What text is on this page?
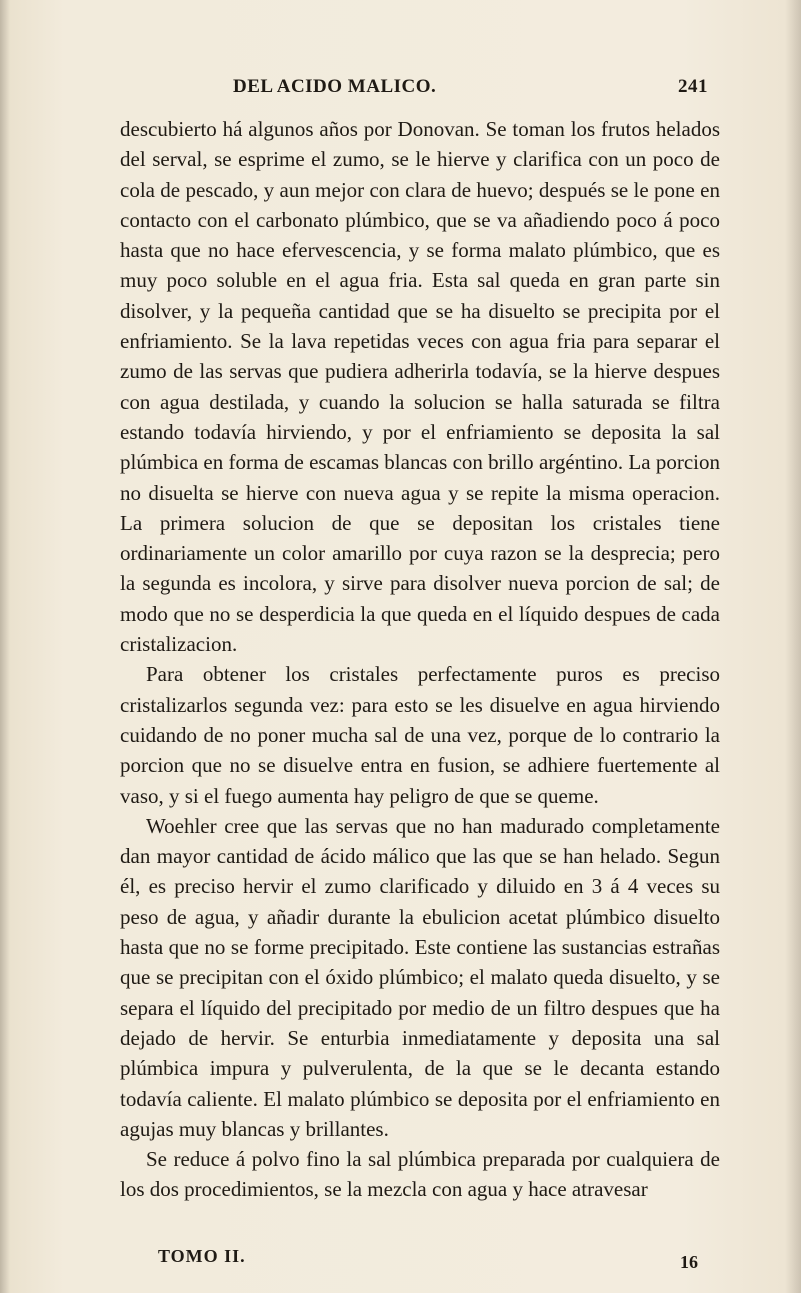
DEL ACIDO MALICO.	241

descubierto há algunos años por Donovan. Se toman los frutos helados del serval, se esprime el zumo, se le hierve y clarifica con un poco de cola de pescado, y aun mejor con clara de huevo; después se le pone en contacto con el carbonato plúmbico, que se va añadiendo poco á poco hasta que no hace efervescencia, y se forma malato plúmbico, que es muy poco soluble en el agua fria. Esta sal queda en gran parte sin disolver, y la pequeña cantidad que se ha disuelto se precipita por el enfriamiento. Se la lava repetidas veces con agua fria para separar el zumo de las servas que pudiera adherirla todavía, se la hierve despues con agua destilada, y cuando la solucion se halla saturada se filtra estando todavía hirviendo, y por el enfriamiento se deposita la sal plúmbica en forma de escamas blancas con brillo argéntino. La porcion no disuelta se hierve con nueva agua y se repite la misma operacion. La primera solucion de que se depositan los cristales tiene ordinariamente un color amarillo por cuya razon se la desprecia; pero la segunda es incolora, y sirve para disolver nueva porcion de sal; de modo que no se desperdicia la que queda en el líquido despues de cada cristalizacion.

Para obtener los cristales perfectamente puros es preciso cristalizarlos segunda vez: para esto se les disuelve en agua hirviendo cuidando de no poner mucha sal de una vez, porque de lo contrario la porcion que no se disuelve entra en fusion, se adhiere fuertemente al vaso, y si el fuego aumenta hay peligro de que se queme.

Woehler cree que las servas que no han madurado completamente dan mayor cantidad de ácido málico que las que se han helado. Segun él, es preciso hervir el zumo clarificado y diluido en 3 á 4 veces su peso de agua, y añadir durante la ebulicion acetat plúmbico disuelto hasta que no se forme precipitado. Este contiene las sustancias estrañas que se precipitan con el óxido plúmbico; el malato queda disuelto, y se separa el líquido del precipitado por medio de un filtro despues que ha dejado de hervir. Se enturbia inmediatamente y deposita una sal plúmbica impura y pulverulenta, de la que se le decanta estando todavía caliente. El malato plúmbico se deposita por el enfriamiento en agujas muy blancas y brillantes.

Se reduce á polvo fino la sal plúmbica preparada por cualquiera de los dos procedimientos, se la mezcla con agua y hace atravesar

TOMO II.	16
